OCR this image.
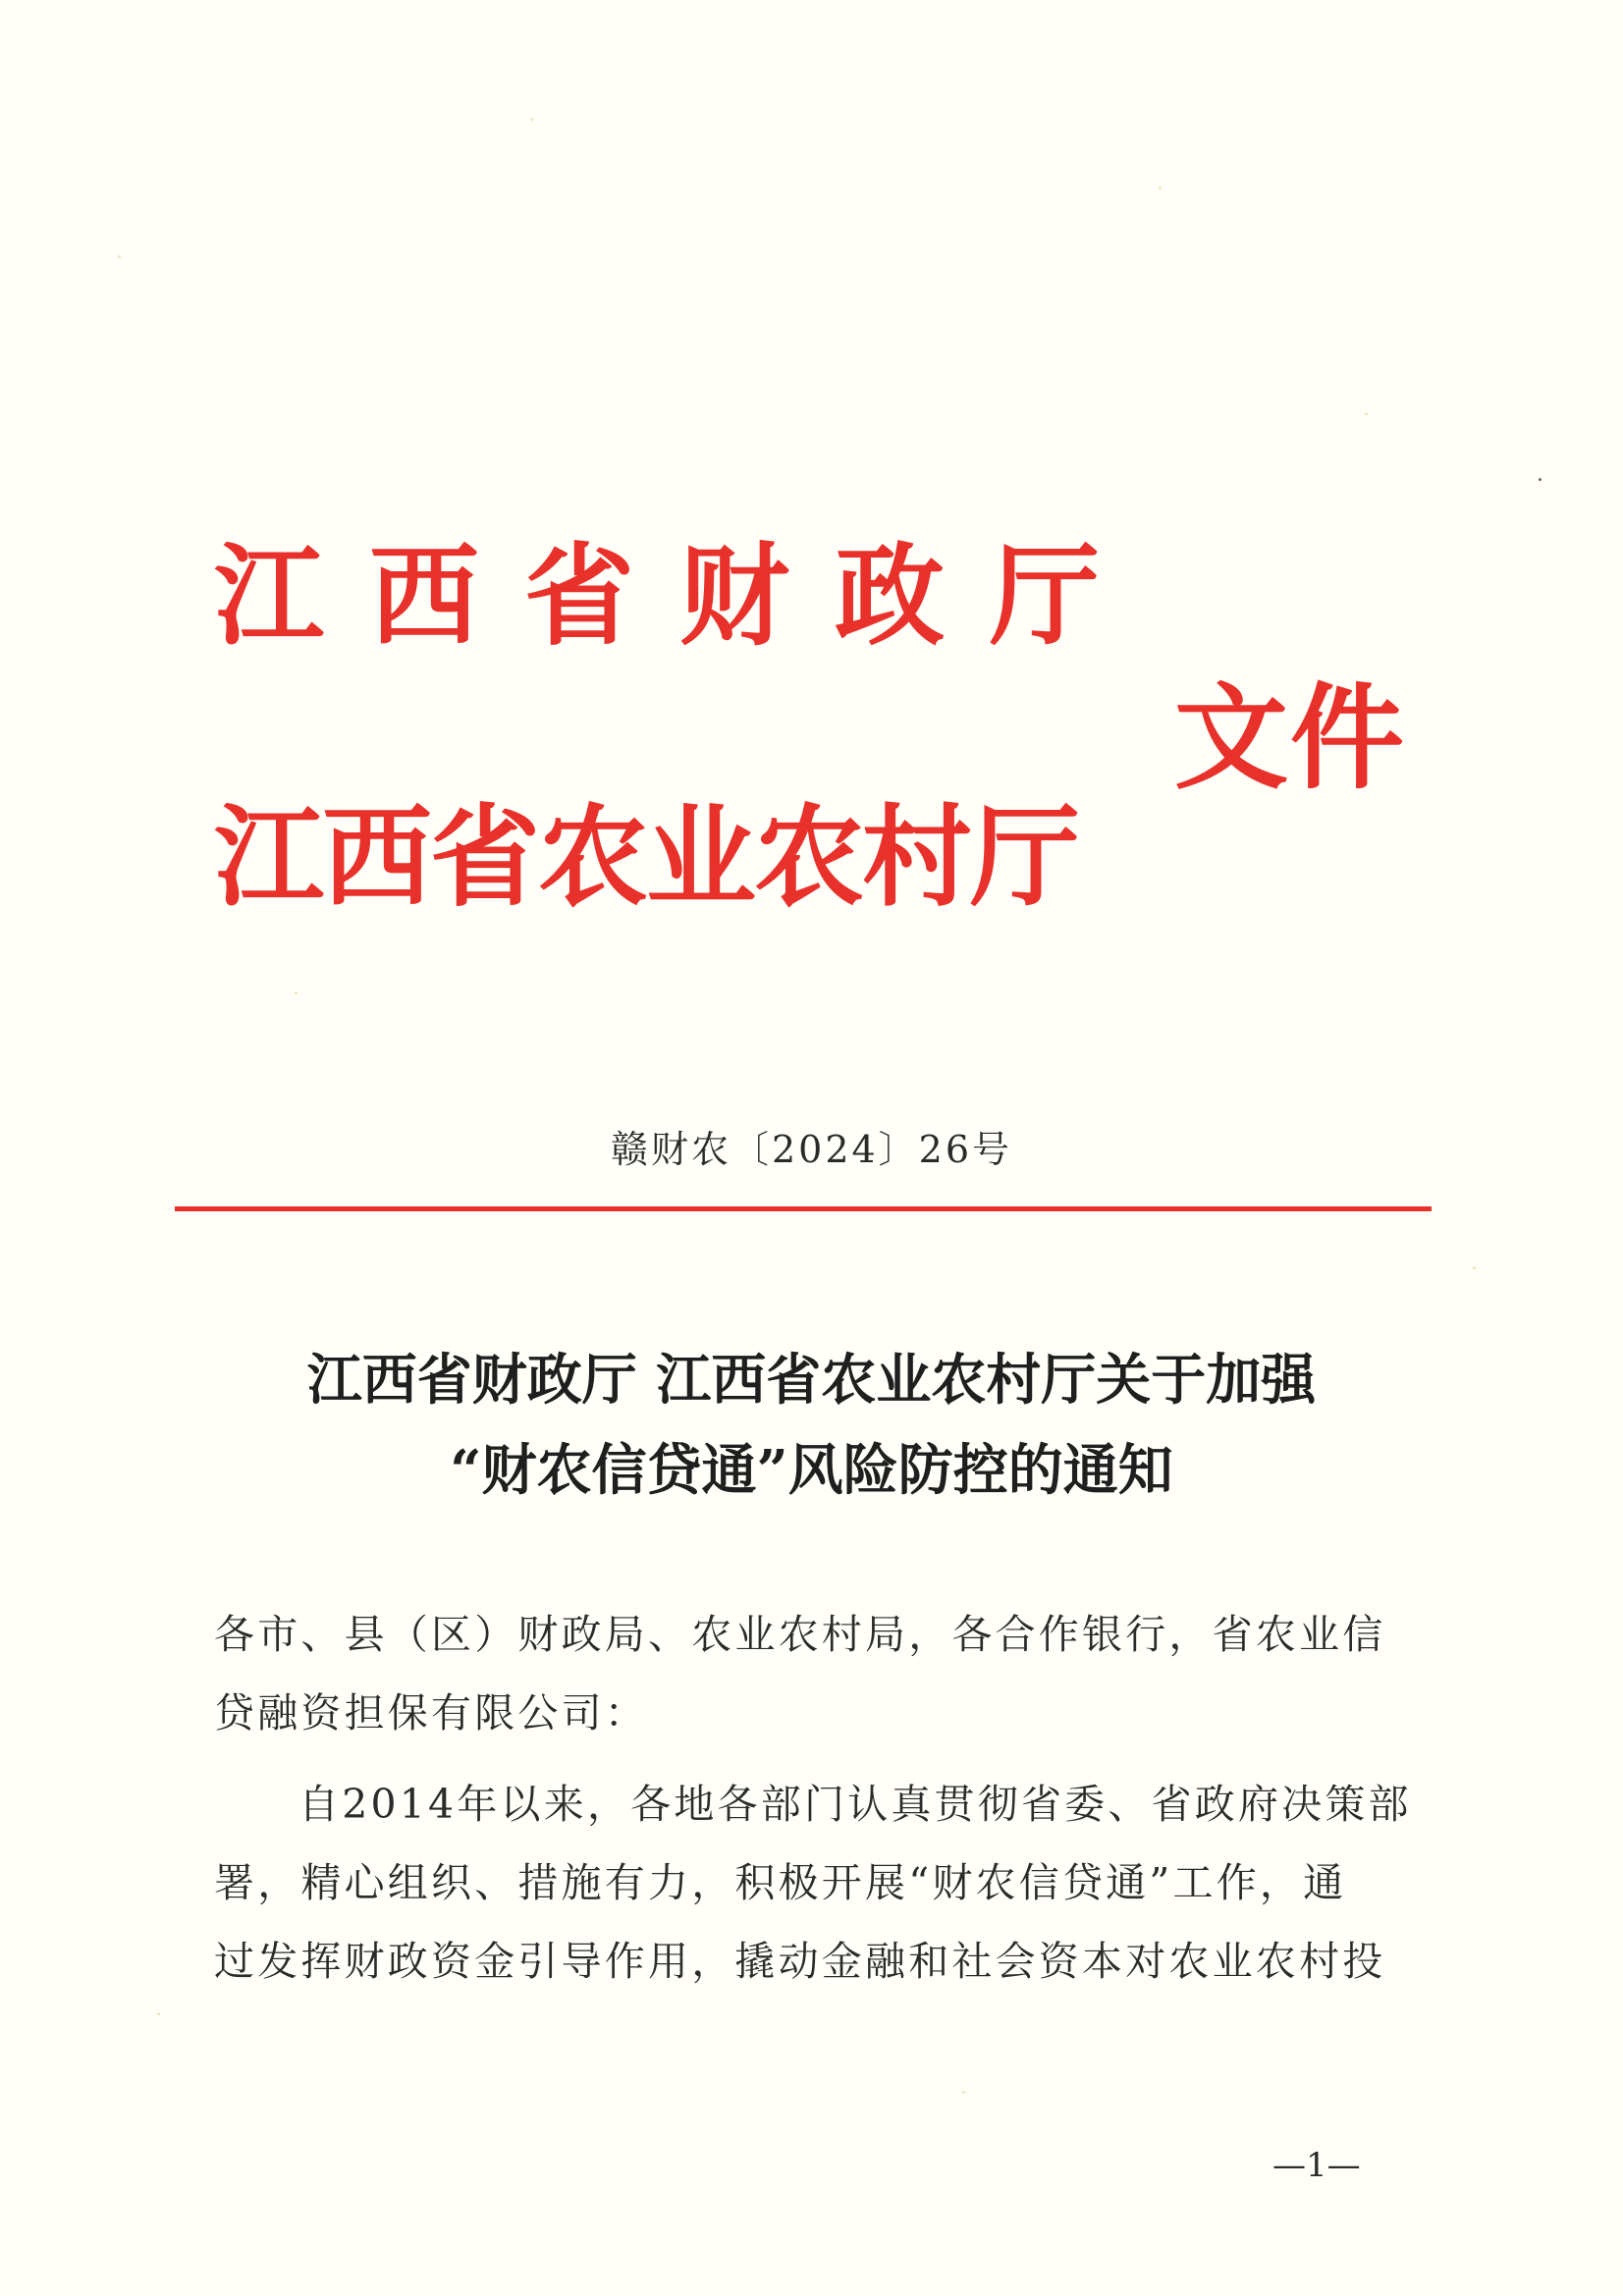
江西省财政厅
文件
江西省农业农村厅
赣财农〔2024〕26号
江西省财政厅 江西省农业农村厅关于加强
“财农信贷通”风险防控的通知
各市、县（区）财政局、农业农村局，各合作银行，省农业信
贷融资担保有限公司：
自2014年以来，各地各部门认真贯彻省委、省政府决策部
署，精心组织、措施有力，积极开展“财农信贷通”工作，通
过发挥财政资金引导作用，撬动金融和社会资本对农业农村投
—1—
